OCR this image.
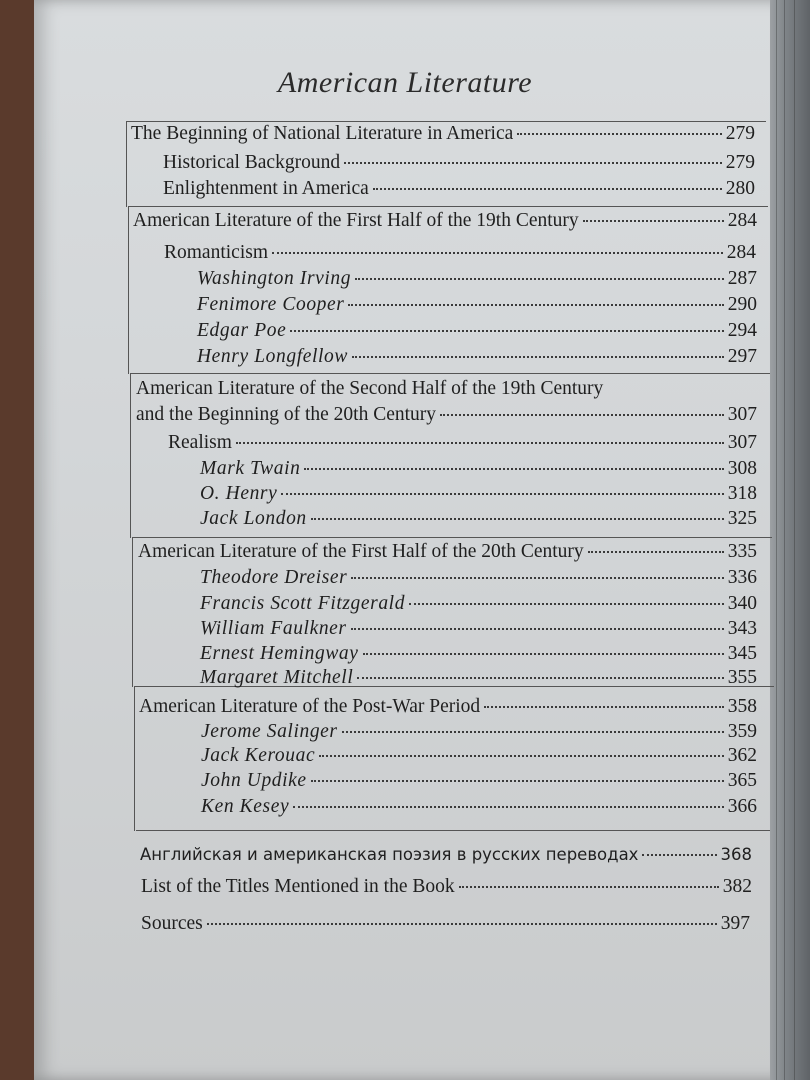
American Literature
The Beginning of National Literature in America	279
Historical Background	279
Enlightenment in America	280
American Literature of the First Half of the 19th Century	284
Romanticism	284
Washington Irving	287
Fenimore Cooper	290
Edgar Poe	294
Henry Longfellow	297
American Literature of the Second Half of the 19th Century
and the Beginning of the 20th Century	307
Realism	307
Mark Twain	308
O. Henry	318
Jack London	325
American Literature of the First Half of the 20th Century	335
Theodore Dreiser	336
Francis Scott Fitzgerald	340
William Faulkner	343
Ernest Hemingway	345
Margaret Mitchell	355
American Literature of the Post-War Period	358
Jerome Salinger	359
Jack Kerouac	362
John Updike	365
Ken Kesey	366
Английская и американская поэзия в русских переводах	368
List of the Titles Mentioned in the Book	382
Sources	397
